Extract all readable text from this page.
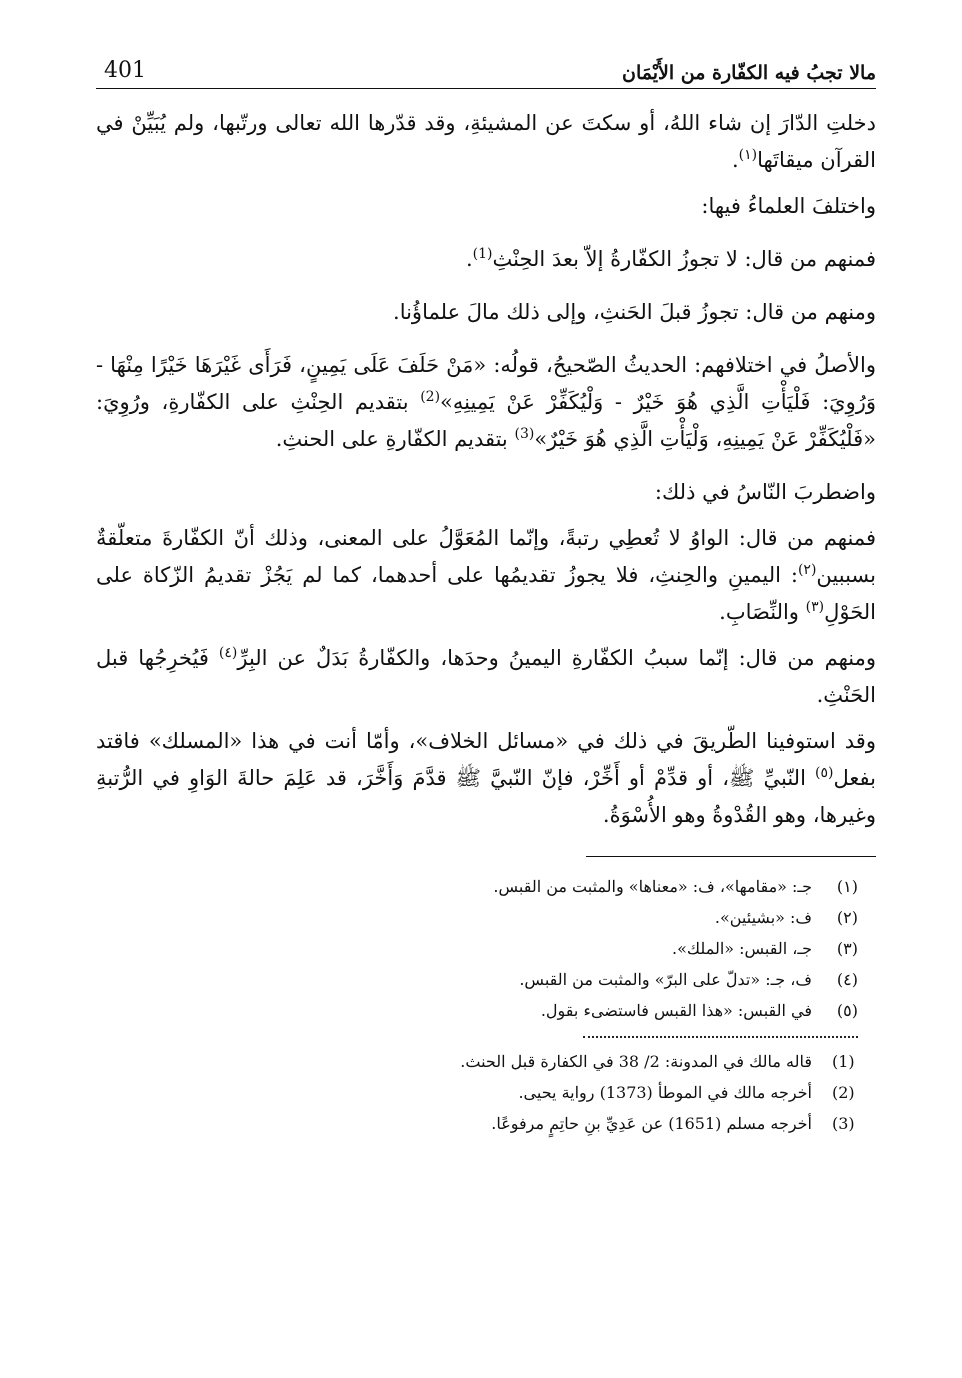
مالا تجبُ فيه الكفّارة من الأَيْمَان
401

دخلتِ الدّارَ إن شاء اللهُ، أو سكتَ عن المشيئةِ، وقد قدّرها الله تعالى ورتّبها، ولم يُبَيِّنْ في القرآن ميقاتَها$^{(١)}$.

واختلفَ العلماءُ فيها:

فمنهم من قال: لا تجوزُ الكفّارةُ إلاّ بعدَ الحِنْثِ$^{(1)}$.

ومنهم من قال: تجوزُ قبلَ الحَنثِ، وإلى ذلك مالَ علماؤُنا.

والأصلُ في اختلافهم: الحديثُ الصّحيحُ، قولُه: «مَنْ حَلَفَ عَلَى يَمِينٍ، فَرَأَى غَيْرَهَا خَيْرًا مِنْهَا - وَرُوِيَ: فَلْيَأْتِ الَّذِي هُوَ خَيْرٌ - وَلْيُكَفِّرْ عَنْ يَمِينِهِ»$^{(2)}$ بتقديم الحِنْثِ على الكفّارةِ، ورُوِيَ: «فَلْيُكَفِّرْ عَنْ يَمِينِهِ، وَلْيَأْتِ الَّذِي هُوَ خَيْرٌ»$^{(3)}$ بتقديم الكفّارةِ على الحنثِ.

واضطربَ النّاسُ في ذلك:

فمنهم من قال: الواوُ لا تُعطِي رتبةً، وإنّما المُعَوَّلُ على المعنى، وذلك أنّ الكفّارةَ متعلّقةٌ بسببين$^{(٢)}$: اليمينِ والحِنثِ، فلا يجوزُ تقديمُها على أحدهما، كما لم يَجُزْ تقديمُ الزّكاة على الحَوْلِ$^{(٣)}$ والنِّصَابِ.

ومنهم من قال: إنّما سببُ الكفّارةِ اليمينُ وحدَها، والكفّارةُ بَدَلٌ عن البِرِّ$^{(٤)}$ فَيُخرِجُها قبل الحَنْثِ.

وقد استوفينا الطّريقَ في ذلك في «مسائل الخلاف»، وأمّا أنت في هذا «المسلك» فاقتد بفعل$^{(٥)}$ النّبيِّ ﷺ، أو قدِّمْ أو أَخِّرْ، فإنّ النّبيَّ ﷺ قدَّمَ وَأَخَّرَ، قد عَلِمَ حالةَ الوَاوِ في الرُّتبةِ وغيرها، وهو القُدْوةُ وهو الأُسْوَةُ.

(١)
جـ: «مقامها»، ف: «معناها» والمثبت من القبس.
(٢)
ف: «بشيئين».
(٣)
جـ، القبس: «الملك».
(٤)
ف، جـ: «تدلّ على البرّ» والمثبت من القبس.
(٥)
في القبس: «هذا القبس فاستضىء بقول.
(1)
قاله مالك في المدونة: 2/ 38 في الكفارة قبل الحنث.
(2)
أخرجه مالك في الموطأ (1373) رواية يحيى.
(3)
أخرجه مسلم (1651) عن عَدِيِّ بنِ حاتِمٍ مرفوعًا.
